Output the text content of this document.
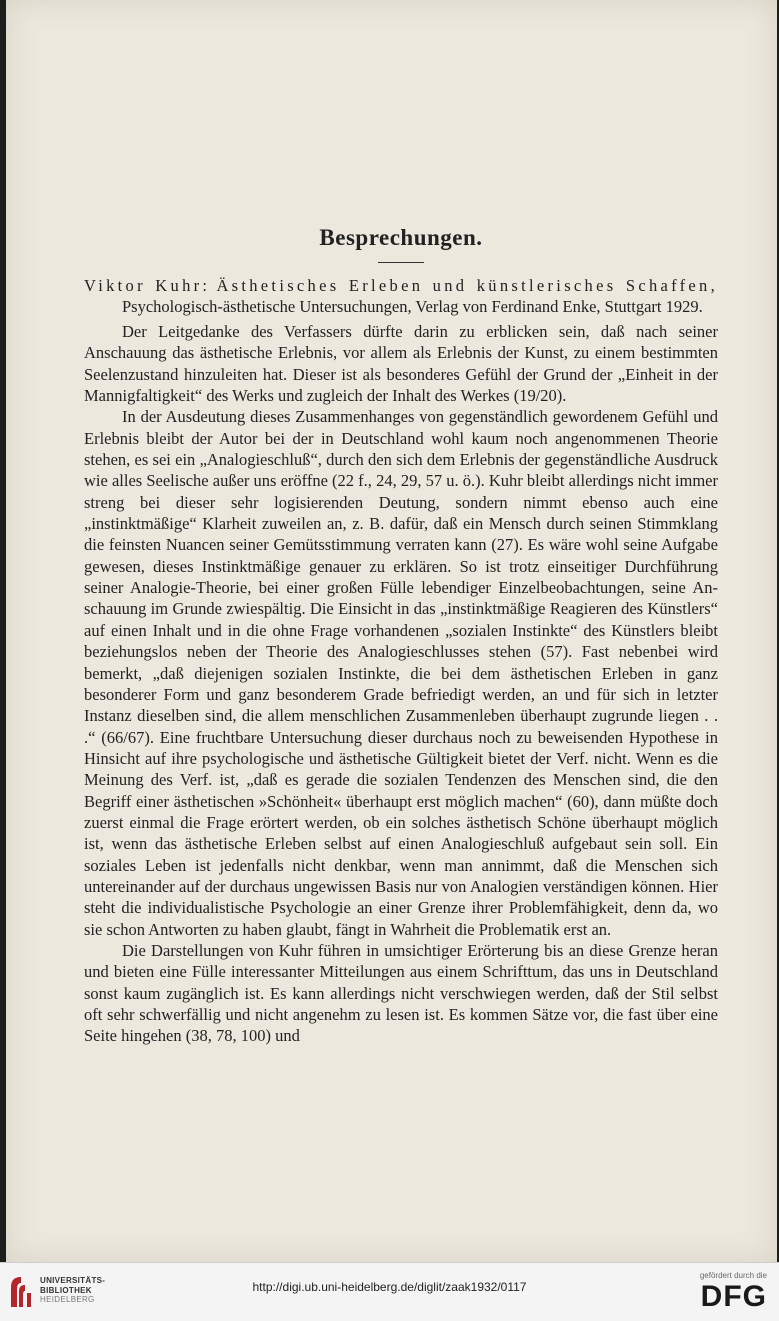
Besprechungen.

Viktor Kuhr: Ästhetisches Erleben und künstlerisches Schaffen, Psychologisch-ästhetische Untersuchungen, Verlag von Ferdinand Enke, Stuttgart 1929.

Der Leitgedanke des Verfassers dürfte darin zu erblicken sein, daß nach seiner Anschauung das ästhetische Erlebnis, vor allem als Erlebnis der Kunst, zu einem bestimmten Seelenzustand hinzuleiten hat. Dieser ist als besonderes Gefühl der Grund der „Einheit in der Mannigfaltigkeit“ des Werks und zugleich der Inhalt des Werkes (19/20).

In der Ausdeutung dieses Zusammenhanges von gegenständlich gewordenem Gefühl und Erlebnis bleibt der Autor bei der in Deutschland wohl kaum noch angenommenen Theorie stehen, es sei ein „Analogieschluß“, durch den sich dem Erlebnis der gegenständliche Ausdruck wie alles Seelische außer uns eröffne (22 f., 24, 29, 57 u. ö.). Kuhr bleibt allerdings nicht immer streng bei dieser sehr logisierenden Deutung, sondern nimmt ebenso auch eine „instinktmäßige“ Klarheit zuweilen an, z. B. dafür, daß ein Mensch durch seinen Stimmklang die feinsten Nuancen seiner Gemütsstimmung verraten kann (27). Es wäre wohl seine Aufgabe gewesen, dieses Instinktmäßige genauer zu erklären. So ist trotz einseitiger Durchführung seiner Analogie-Theorie, bei einer großen Fülle lebendiger Einzelbeobachtungen, seine Anschauung im Grunde zwiespältig. Die Einsicht in das „instinktmäßige Reagieren des Künstlers“ auf einen Inhalt und in die ohne Frage vorhandenen „sozialen Instinkte“ des Künstlers bleibt beziehungslos neben der Theorie des Analogieschlusses stehen (57). Fast nebenbei wird bemerkt, „daß diejenigen sozialen Instinkte, die bei dem ästhetischen Erleben in ganz besonderer Form und ganz besonderem Grade befriedigt werden, an und für sich in letzter Instanz dieselben sind, die allem menschlichen Zusammenleben überhaupt zugrunde liegen . . .“ (66/67). Eine fruchtbare Untersuchung dieser durchaus noch zu beweisenden Hypothese in Hinsicht auf ihre psychologische und ästhetische Gültigkeit bietet der Verf. nicht. Wenn es die Meinung des Verf. ist, „daß es gerade die sozialen Tendenzen des Menschen sind, die den Begriff einer ästhetischen »Schönheit« überhaupt erst möglich machen“ (60), dann müßte doch zuerst einmal die Frage erörtert werden, ob ein solches ästhetisch Schöne überhaupt möglich ist, wenn das ästhetische Erleben selbst auf einen Analogieschluß aufgebaut sein soll. Ein soziales Leben ist jedenfalls nicht denkbar, wenn man annimmt, daß die Menschen sich untereinander auf der durchaus ungewissen Basis nur von Analogien verständigen können. Hier steht die individualistische Psychologie an einer Grenze ihrer Problemfähigkeit, denn da, wo sie schon Antworten zu haben glaubt, fängt in Wahrheit die Problematik erst an.

Die Darstellungen von Kuhr führen in umsichtiger Erörterung bis an diese Grenze heran und bieten eine Fülle interessanter Mitteilungen aus einem Schrifttum, das uns in Deutschland sonst kaum zugänglich ist. Es kann allerdings nicht verschwiegen werden, daß der Stil selbst oft sehr schwerfällig und nicht angenehm zu lesen ist. Es kommen Sätze vor, die fast über eine Seite hingehen (38, 78, 100) und

UNIVERSITÄTS-
BIBLIOTHEK
HEIDELBERG
http://digi.ub.uni-heidelberg.de/diglit/zaak1932/0117
gefördert durch die
DFG
